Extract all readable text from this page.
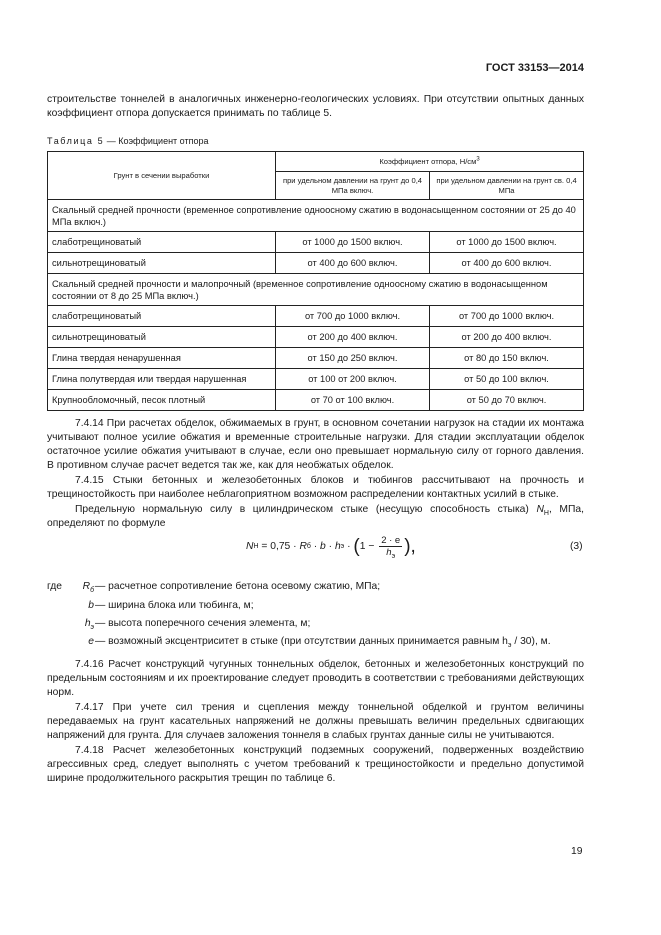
ГОСТ 33153—2014
строительстве тоннелей в аналогичных инженерно-геологических условиях. При отсутствии опытных данных коэффициент отпора допускается принимать по таблице 5.
Таблица 5 — Коэффициент отпора
Грунт в сечении выработки	Коэффициент отпора, $Н/см^3$
	при удельном давлении на грунт до 0,4 МПа включ.	при удельном давлении на грунт св. 0,4 МПа
Скальный средней прочности (временное сопротивление одноосному сжатию в водонасыщенном состоянии от 25 до 40 МПа включ.)		
слаботрещиноватый	от 1000 до 1500 включ.	от 1000 до 1500 включ.
сильнотрещиноватый	от 400 до 600 включ.	от 400 до 600 включ.
Скальный средней прочности и малопрочный (временное сопротивление одноосному сжатию в водонасыщенном состоянии от 8 до 25 МПа включ.)		
слаботрещиноватый	от 700 до 1000 включ.	от 700 до 1000 включ.
сильнотрещиноватый	от 200 до 400 включ.	от 200 до 400 включ.
Глина твердая ненарушенная	от 150 до 250 включ.	от 80 до 150 включ.
Глина полутвердая или твердая нарушенная	от 100 от 200 включ.	от 50 до 100 включ.
Крупнообломочный, песок плотный	от 70 от 100 включ.	от 50 до 70 включ.
7.4.14 При расчетах обделок, обжимаемых в грунт, в основном сочетании нагрузок на стадии их монтажа учитывают полное усилие обжатия и временные строительные нагрузки. Для стадии эксплуатации обделок остаточное усилие обжатия учитывают в случае, если оно превышает нормальную силу от горного давления. В противном случае расчет ведется так же, как для необжатых обделок.
7.4.15 Стыки бетонных и железобетонных блоков и тюбингов рассчитывают на прочность и трещиностойкость при наиболее неблагоприятном возможном распределении контактных усилий в стыке.
Предельную нормальную силу в цилиндрическом стыке (несущую способность стыка) $N_Н$, МПа, определяют по формуле
N Н = 0,75 · R б · b · h э · ( $1 - \frac{2 \cdot e}{h_э}$ ),	(3)
где	$R_б$ — расчетное сопротивление бетона осевому сжатию, МПа;
b — ширина блока или тюбинга, м;
$h_э$ — высота поперечного сечения элемента, м;
e — возможный эксцентриситет в стыке (при отсутствии данных принимается равным $h_э / 30$), м.
7.4.16 Расчет конструкций чугунных тоннельных обделок, бетонных и железобетонных конструкций по предельным состояниям и их проектирование следует проводить в соответствии с требованиями действующих норм.
7.4.17 При учете сил трения и сцепления между тоннельной обделкой и грунтом величины передаваемых на грунт касательных напряжений не должны превышать величин предельных сдвигающих напряжений для грунта. Для случаев заложения тоннеля в слабых грунтах данные силы не учитываются.
7.4.18 Расчет железобетонных конструкций подземных сооружений, подверженных воздействию агрессивных сред, следует выполнять с учетом требований к трещиностойкости и предельно допустимой ширине продолжительного раскрытия трещин по таблице 6.
19
